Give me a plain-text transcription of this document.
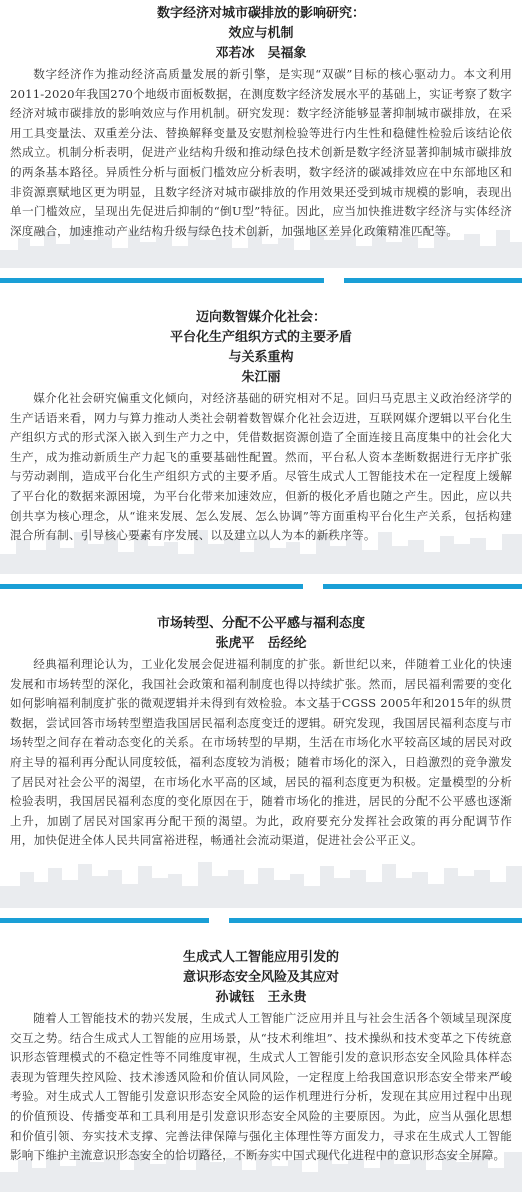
数字经济对城市碳排放的影响研究：
效应与机制
邓若冰　吴福象

数字经济作为推动经济高质量发展的新引擎，是实现“双碳”目标的核心驱动力。本文利用2011-2020年我国270个地级市面板数据，在测度数字经济发展水平的基础上，实证考察了数字经济对城市碳排放的影响效应与作用机制。研究发现：数字经济能够显著抑制城市碳排放，在采用工具变量法、双重差分法、替换解释变量及安慰剂检验等进行内生性和稳健性检验后该结论依然成立。机制分析表明，促进产业结构升级和推动绿色技术创新是数字经济显著抑制城市碳排放的两条基本路径。异质性分析与面板门槛效应分析表明，数字经济的碳减排效应在中东部地区和非资源禀赋地区更为明显，且数字经济对城市碳排放的作用效果还受到城市规模的影响，表现出单一门槛效应，呈现出先促进后抑制的“倒U型”特征。因此，应当加快推进数字经济与实体经济深度融合，加速推动产业结构升级与绿色技术创新，加强地区差异化政策精准匹配等。

迈向数智媒介化社会：
平台化生产组织方式的主要矛盾
与关系重构
朱江丽

媒介化社会研究偏重文化倾向，对经济基础的研究相对不足。回归马克思主义政治经济学的生产话语来看，网力与算力推动人类社会朝着数智媒介化社会迈进，互联网媒介逻辑以平台化生产组织方式的形式深入嵌入到生产力之中，凭借数据资源创造了全面连接且高度集中的社会化大生产，成为推动新质生产力起飞的重要基础性配置。然而，平台私人资本垄断数据进行无序扩张与劳动剥削，造成平台化生产组织方式的主要矛盾。尽管生成式人工智能技术在一定程度上缓解了平台化的数据来源困境，为平台化带来加速效应，但新的极化矛盾也随之产生。因此，应以共创共享为核心理念，从“谁来发展、怎么发展、怎么协调”等方面重构平台化生产关系，包括构建混合所有制、引导核心要素有序发展、以及建立以人为本的新秩序等。

市场转型、分配不公平感与福利态度
张虎平　岳经纶

经典福利理论认为，工业化发展会促进福利制度的扩张。新世纪以来，伴随着工业化的快速发展和市场转型的深化，我国社会政策和福利制度也得以持续扩张。然而，居民福利需要的变化如何影响福利制度扩张的微观逻辑并未得到有效检验。本文基于CGSS 2005年和2015年的纵贯数据，尝试回答市场转型塑造我国居民福利态度变迁的逻辑。研究发现，我国居民福利态度与市场转型之间存在着动态变化的关系。在市场转型的早期，生活在市场化水平较高区域的居民对政府主导的福利再分配认同度较低，福利态度较为消极；随着市场化的深入，日趋激烈的竞争激发了居民对社会公平的渴望，在市场化水平高的区域，居民的福利态度更为积极。定量模型的分析检验表明，我国居民福利态度的变化原因在于，随着市场化的推进，居民的分配不公平感也逐渐上升，加剧了居民对国家再分配干预的渴望。为此，政府要充分发挥社会政策的再分配调节作用，加快促进全体人民共同富裕进程，畅通社会流动渠道，促进社会公平正义。

生成式人工智能应用引发的
意识形态安全风险及其应对
孙诚钰　王永贵

随着人工智能技术的勃兴发展，生成式人工智能广泛应用并且与社会生活各个领域呈现深度交互之势。结合生成式人工智能的应用场景，从“技术利维坦”、技术操纵和技术变革之下传统意识形态管理模式的不稳定性等不同维度审视，生成式人工智能引发的意识形态安全风险具体样态表现为管理失控风险、技术渗透风险和价值认同风险，一定程度上给我国意识形态安全带来严峻考验。对生成式人工智能引发意识形态安全风险的运作机理进行分析，发现在其应用过程中出现的价值预设、传播变革和工具利用是引发意识形态安全风险的主要原因。为此，应当从强化思想和价值引领、夯实技术支撑、完善法律保障与强化主体理性等方面发力，寻求在生成式人工智能影响下维护主流意识形态安全的恰切路径，不断夯实中国式现代化进程中的意识形态安全屏障。
